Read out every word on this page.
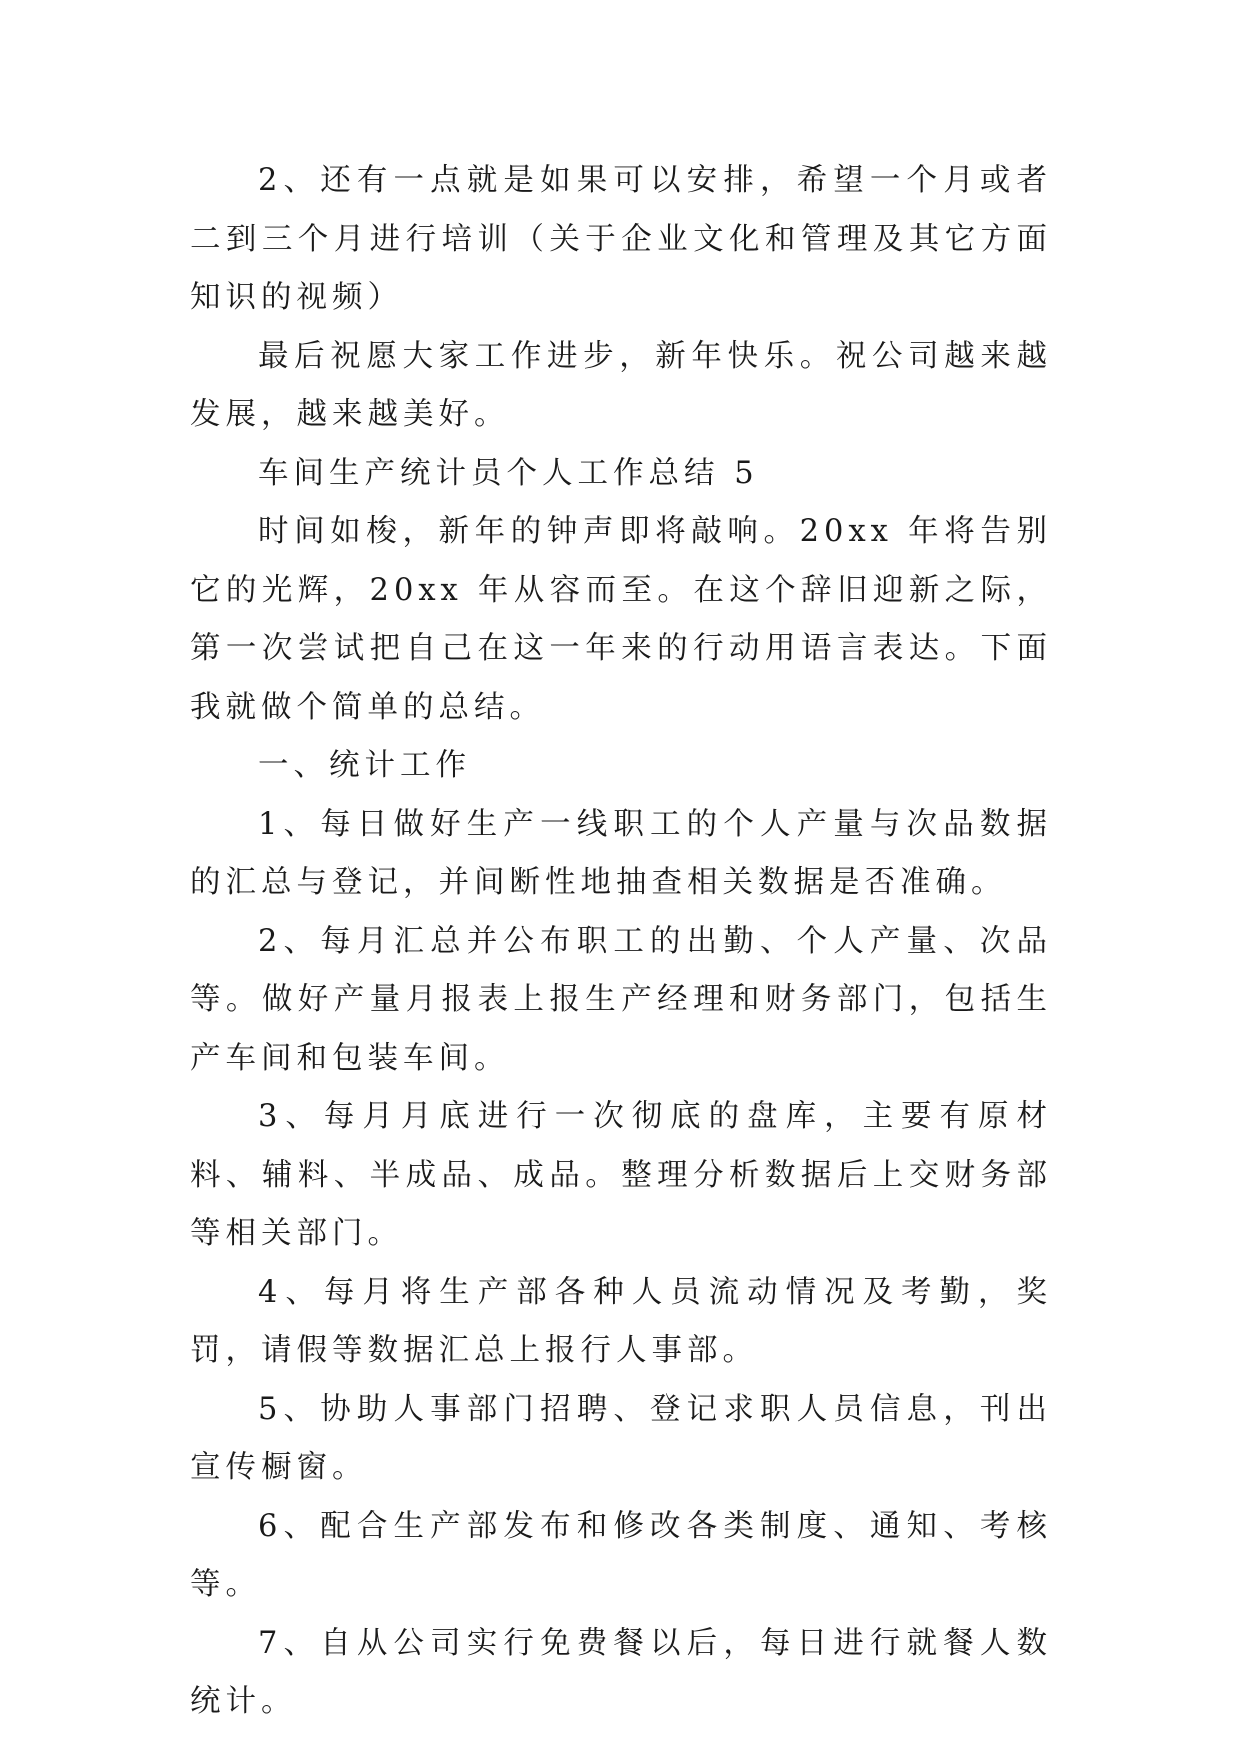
2、还有一点就是如果可以安排，希望一个月或者二到三个月进行培训（关于企业文化和管理及其它方面知识的视频）

最后祝愿大家工作进步，新年快乐。祝公司越来越发展，越来越美好。

车间生产统计员个人工作总结 5

时间如梭，新年的钟声即将敲响。20xx 年将告别它的光辉，20xx 年从容而至。在这个辞旧迎新之际，第一次尝试把自己在这一年来的行动用语言表达。下面我就做个简单的总结。

一、统计工作

1、每日做好生产一线职工的个人产量与次品数据的汇总与登记，并间断性地抽查相关数据是否准确。

2、每月汇总并公布职工的出勤、个人产量、次品等。做好产量月报表上报生产经理和财务部门，包括生产车间和包装车间。

3、每月月底进行一次彻底的盘库，主要有原材料、辅料、半成品、成品。整理分析数据后上交财务部等相关部门。

4、每月将生产部各种人员流动情况及考勤，奖罚，请假等数据汇总上报行人事部。

5、协助人事部门招聘、登记求职人员信息，刊出宣传橱窗。

6、配合生产部发布和修改各类制度、通知、考核等。

7、自从公司实行免费餐以后，每日进行就餐人数统计。
